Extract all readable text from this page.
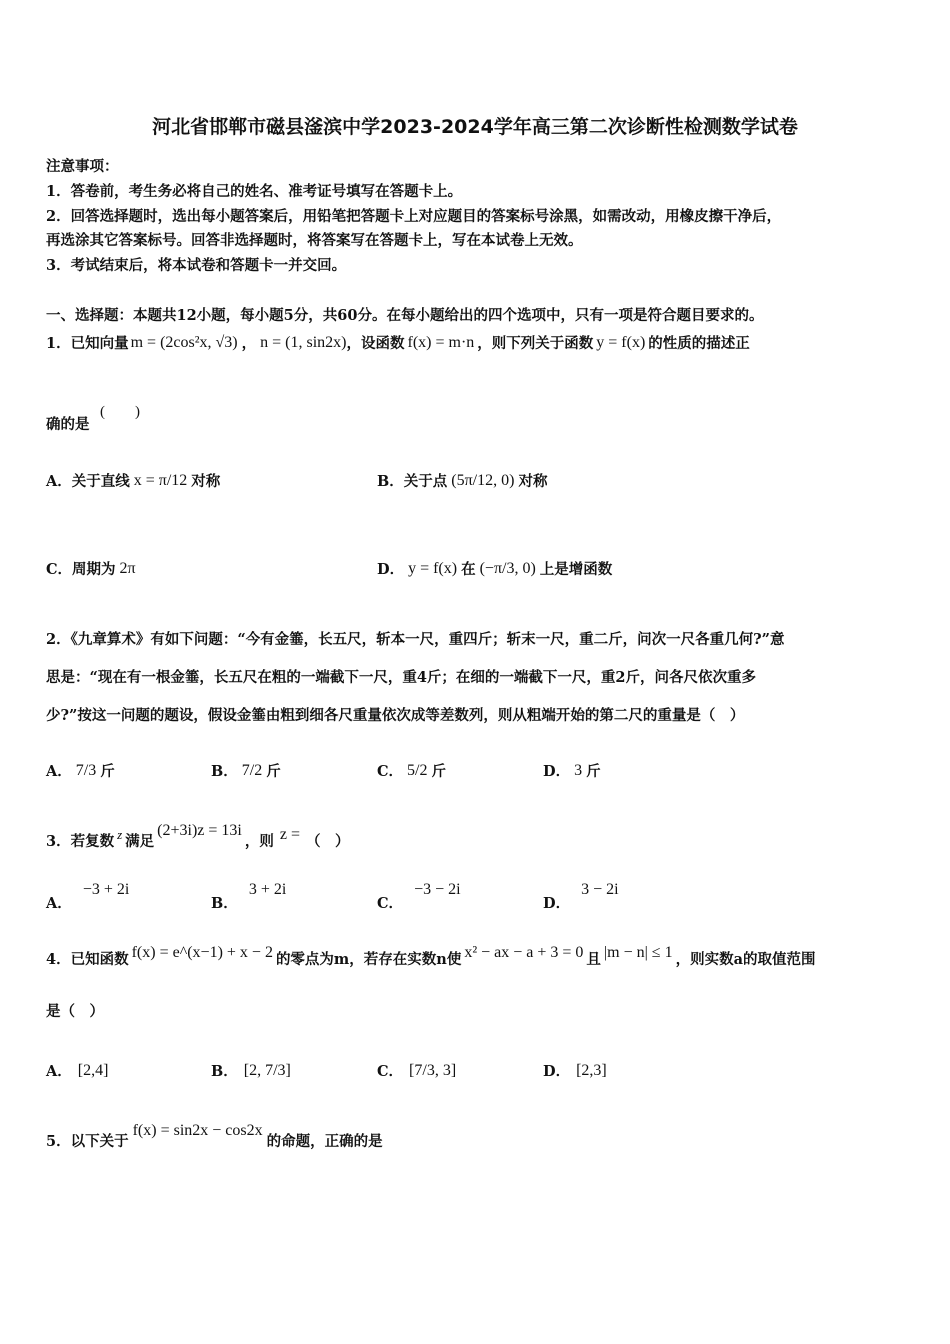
河北省邯郸市磁县滏滨中学2023-2024学年高三第二次诊断性检测数学试卷
注意事项：
1．答卷前，考生务必将自己的姓名、准考证号填写在答题卡上。
2．回答选择题时，选出每小题答案后，用铅笔把答题卡上对应题目的答案标号涂黑，如需改动，用橡皮擦干净后，
再选涂其它答案标号。回答非选择题时，将答案写在答题卡上，写在本试卷上无效。
3．考试结束后，将本试卷和答题卡一并交回。
一、选择题：本题共12小题，每小题5分，共60分。在每小题给出的四个选项中，只有一项是符合题目要求的。
1．已知向量 m = (2cos²x, √3) ， n = (1, sin2x) ，设函数 f(x) = m·n ，则下列关于函数 y = f(x) 的性质的描述正
确的是
(　　)
A．关于直线 x = π/12 对称	B．关于点 (5π/12, 0) 对称
C．周期为 2π	D． y = f(x) 在 (−π/3, 0) 上是增函数
2．《九章算术》有如下问题：“今有金箠，长五尺，斩本一尺，重四斤；斩末一尺，重二斤，问次一尺各重几何?”意
思是：“现在有一根金箠，长五尺在粗的一端截下一尺，重4斤；在细的一端截下一尺，重2斤，问各尺依次重多
少?”按这一问题的题设，假设金箠由粗到细各尺重量依次成等差数列，则从粗端开始的第二尺的重量是（　）
A． 7/3 斤	B． 7/2 斤	C． 5/2 斤	D． 3 斤
3．若复数 z 满足
(2+3i)z = 13i
，则 z = （　）
A． −3 + 2i
B． 3 + 2i
C． −3 − 2i
D． 3 − 2i
4．已知函数 f(x) = e^(x−1) + x − 2 的零点为m，若存在实数n使 x² − ax − a + 3 = 0 且 |m − n| ≤ 1 ，则实数a的取值范围
是（　）
A． [2,4]	B． [2, 7/3]	C． [7/3, 3]	D． [2,3]
5．以下关于
f(x) = sin2x − cos2x
的命题，正确的是
